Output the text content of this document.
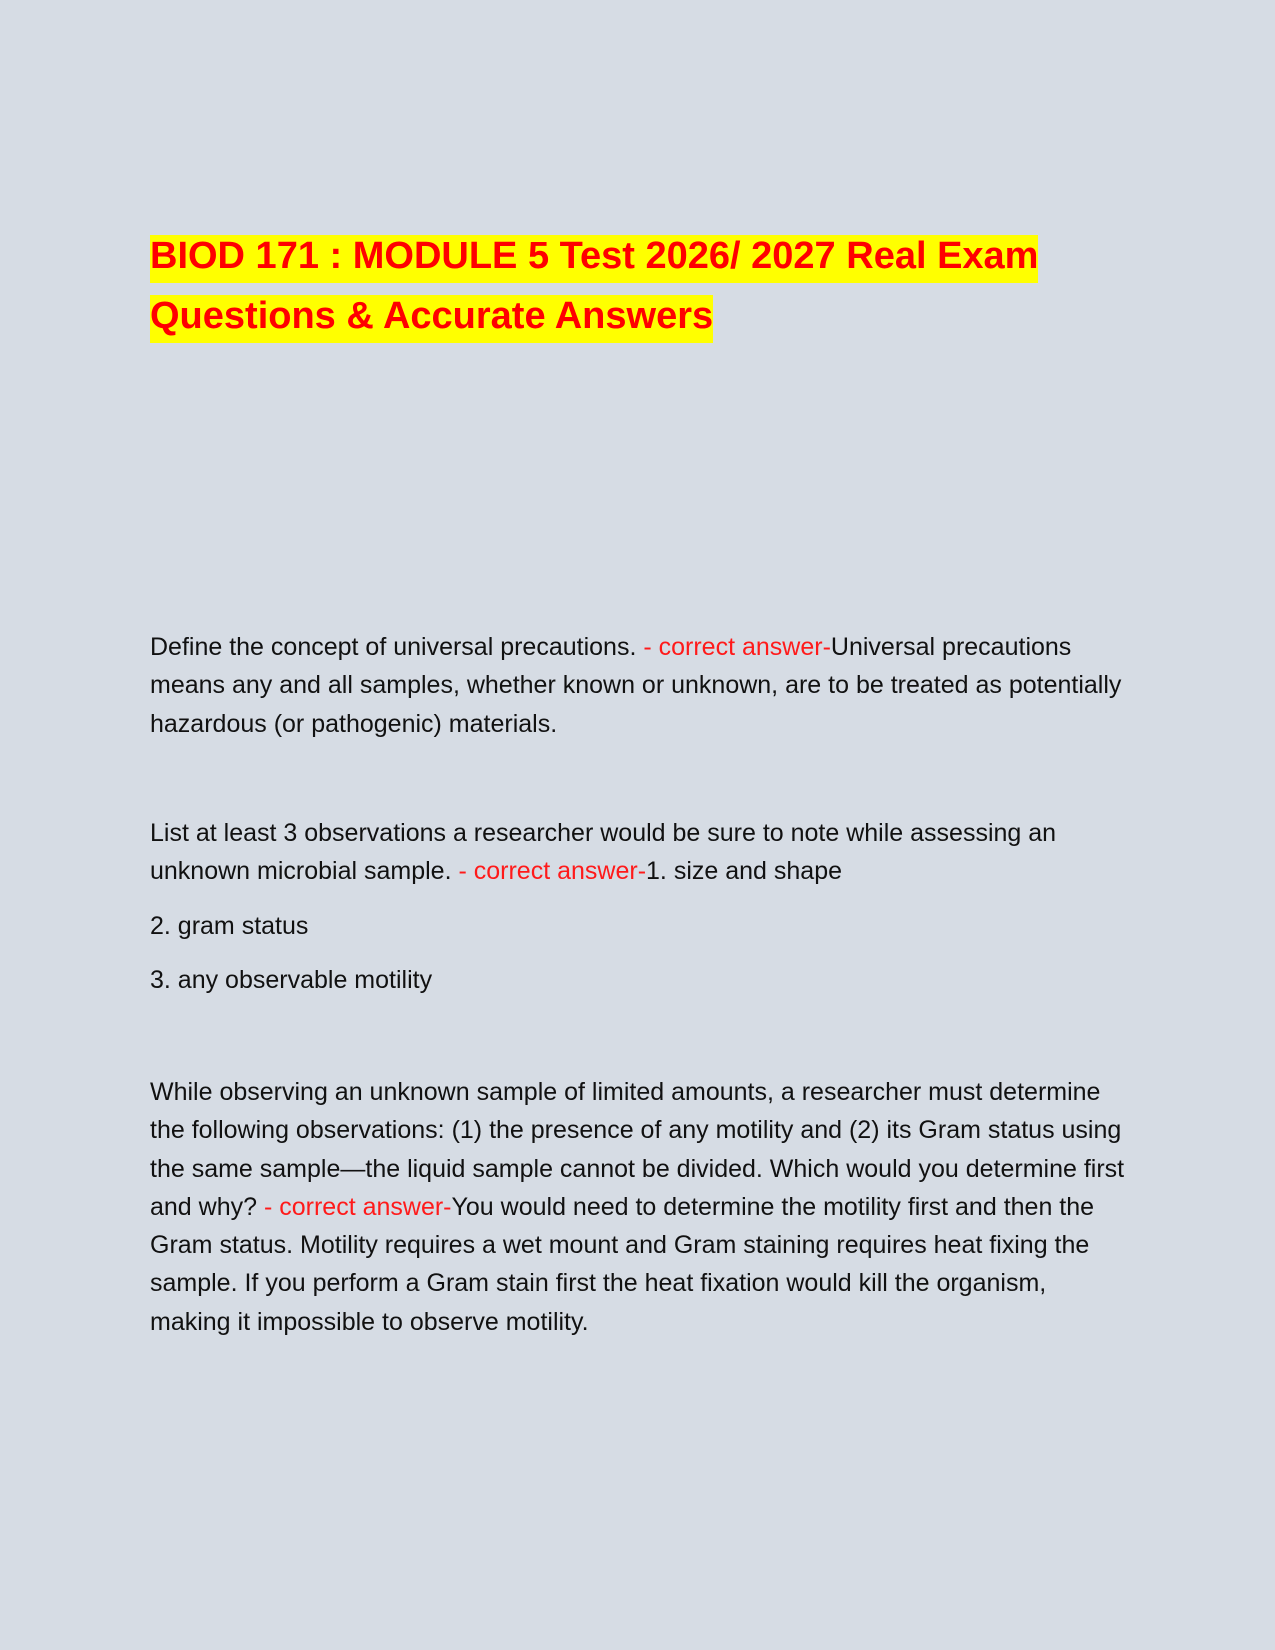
BIOD 171 : MODULE 5 Test 2026/ 2027 Real Exam
Questions & Accurate Answers

Define the concept of universal precautions. - correct answer-Universal precautions means any and all samples, whether known or unknown, are to be treated as potentially hazardous (or pathogenic) materials.

List at least 3 observations a researcher would be sure to note while assessing an unknown microbial sample. - correct answer-1. size and shape

2. gram status

3. any observable motility

While observing an unknown sample of limited amounts, a researcher must determine the following observations: (1) the presence of any motility and (2) its Gram status using the same sample—the liquid sample cannot be divided. Which would you determine first and why? - correct answer-You would need to determine the motility first and then the Gram status. Motility requires a wet mount and Gram staining requires heat fixing the sample. If you perform a Gram stain first the heat fixation would kill the organism, making it impossible to observe motility.
